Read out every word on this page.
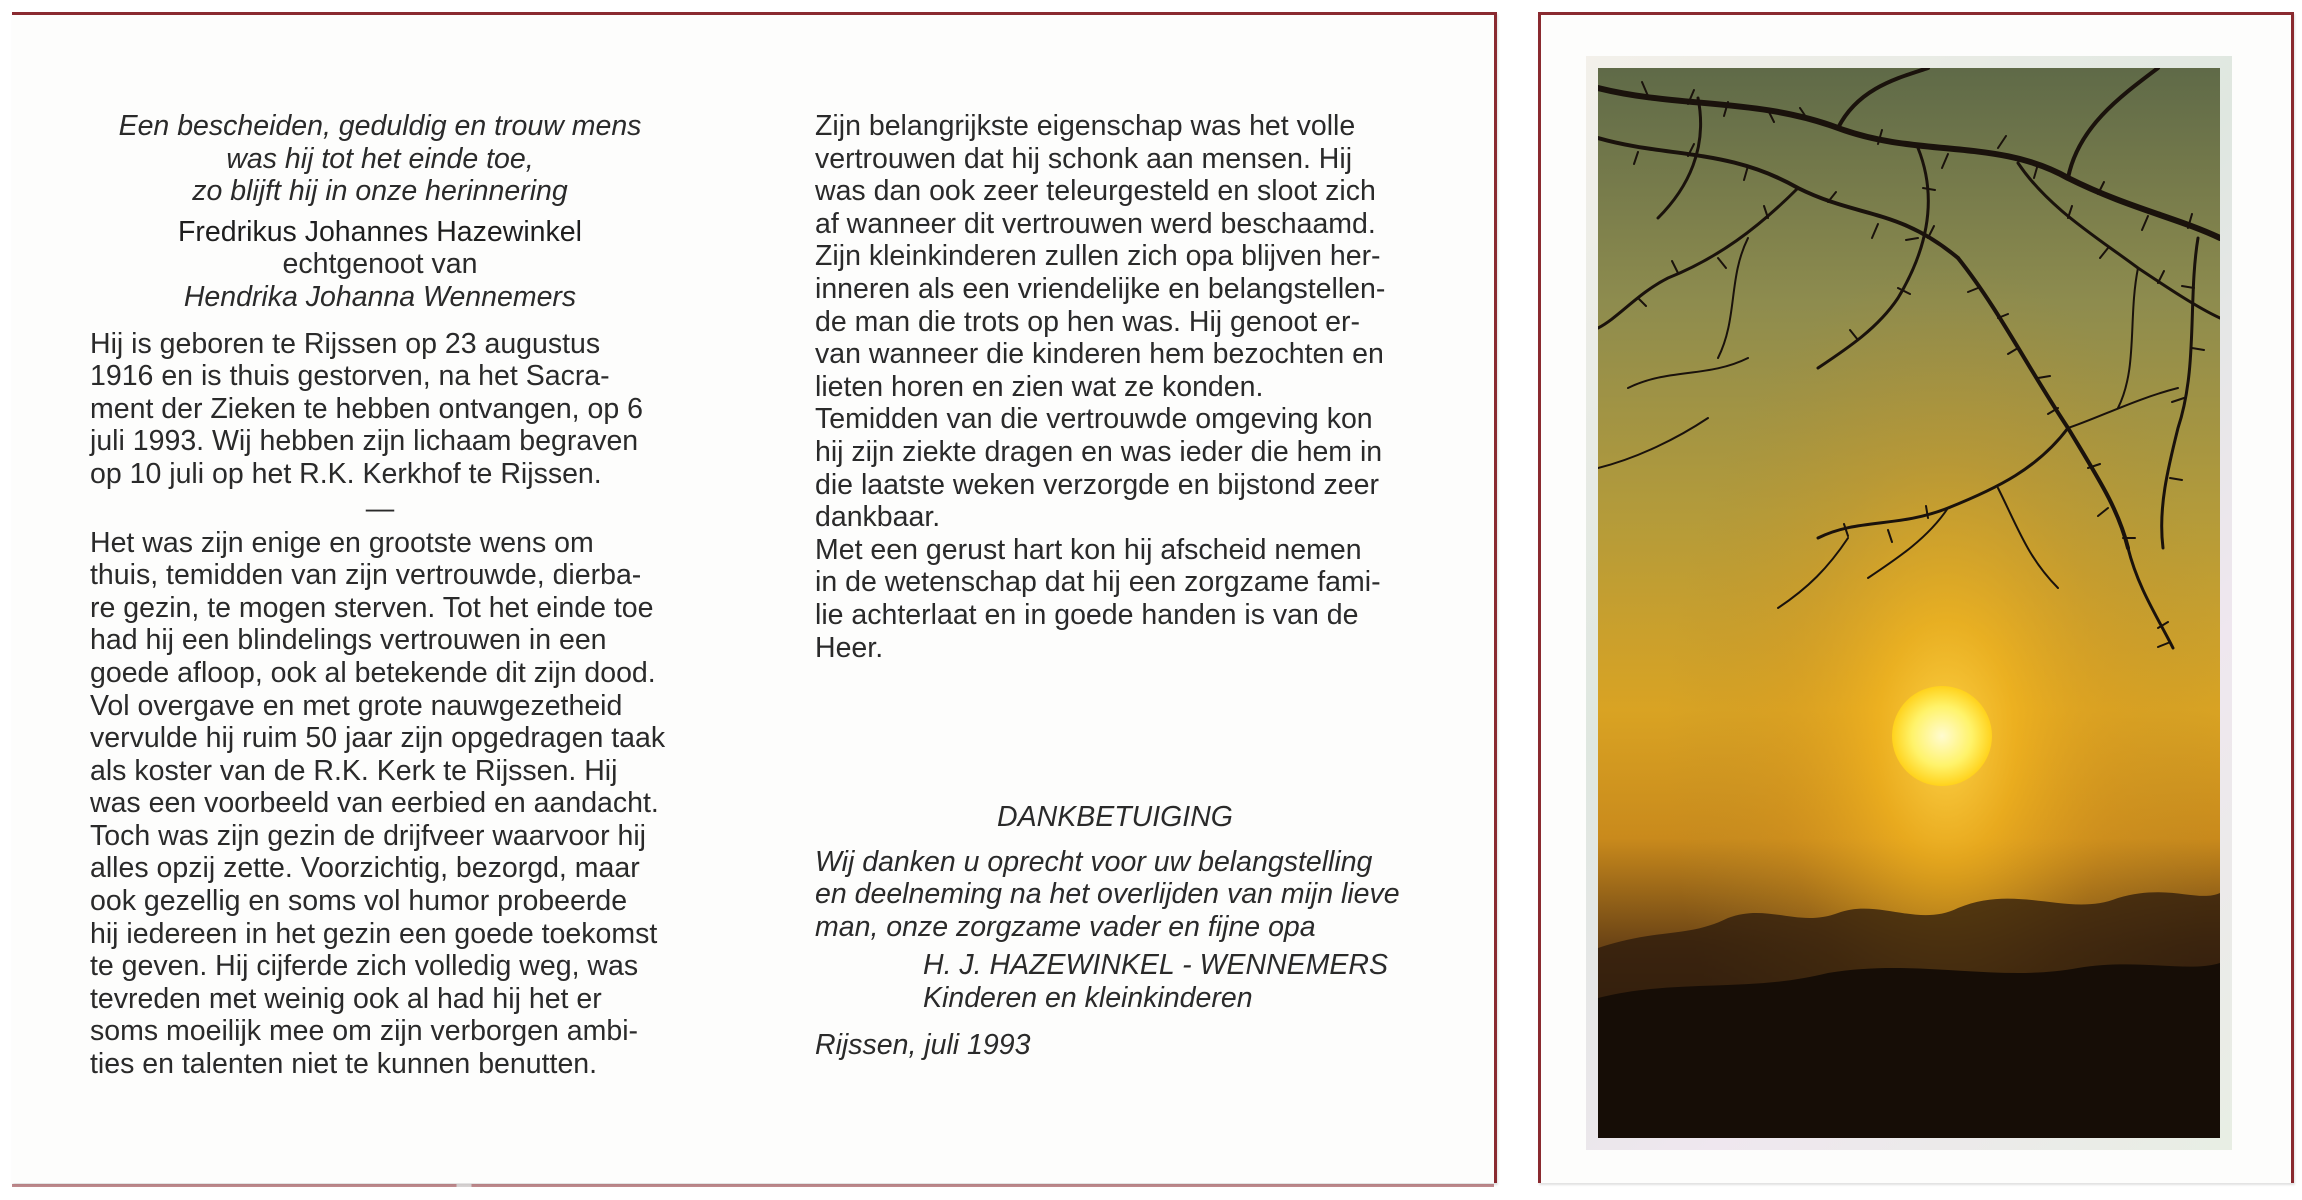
Een bescheiden, geduldig en trouw mens
was hij tot het einde toe,
zo blijft hij in onze herinnering
Fredrikus Johannes Hazewinkel
echtgenoot van
Hendrika Johanna Wennemers
Hij is geboren te Rijssen op 23 augustus
1916 en is thuis gestorven, na het Sacra-
ment der Zieken te hebben ontvangen, op 6
juli 1993. Wij hebben zijn lichaam begraven
op 10 juli op het R.K. Kerkhof te Rijssen.
—
Het was zijn enige en grootste wens om
thuis, temidden van zijn vertrouwde, dierba-
re gezin, te mogen sterven. Tot het einde toe
had hij een blindelings vertrouwen in een
goede afloop, ook al betekende dit zijn dood.
Vol overgave en met grote nauwgezetheid
vervulde hij ruim 50 jaar zijn opgedragen taak
als koster van de R.K. Kerk te Rijssen. Hij
was een voorbeeld van eerbied en aandacht.
Toch was zijn gezin de drijfveer waarvoor hij
alles opzij zette. Voorzichtig, bezorgd, maar
ook gezellig en soms vol humor probeerde
hij iedereen in het gezin een goede toekomst
te geven. Hij cijferde zich volledig weg, was
tevreden met weinig ook al had hij het er
soms moeilijk mee om zijn verborgen ambi-
ties en talenten niet te kunnen benutten.
Zijn belangrijkste eigenschap was het volle
vertrouwen dat hij schonk aan mensen. Hij
was dan ook zeer teleurgesteld en sloot zich
af wanneer dit vertrouwen werd beschaamd.
Zijn kleinkinderen zullen zich opa blijven her-
inneren als een vriendelijke en belangstellen-
de man die trots op hen was. Hij genoot er-
van wanneer die kinderen hem bezochten en
lieten horen en zien wat ze konden.
Temidden van die vertrouwde omgeving kon
hij zijn ziekte dragen en was ieder die hem in
die laatste weken verzorgde en bijstond zeer
dankbaar.
Met een gerust hart kon hij afscheid nemen
in de wetenschap dat hij een zorgzame fami-
lie achterlaat en in goede handen is van de
Heer.
DANKBETUIGING
Wij danken u oprecht voor uw belangstelling
en deelneming na het overlijden van mijn lieve
man, onze zorgzame vader en fijne opa
H. J. HAZEWINKEL - WENNEMERS
Kinderen en kleinkinderen
Rijssen, juli 1993
